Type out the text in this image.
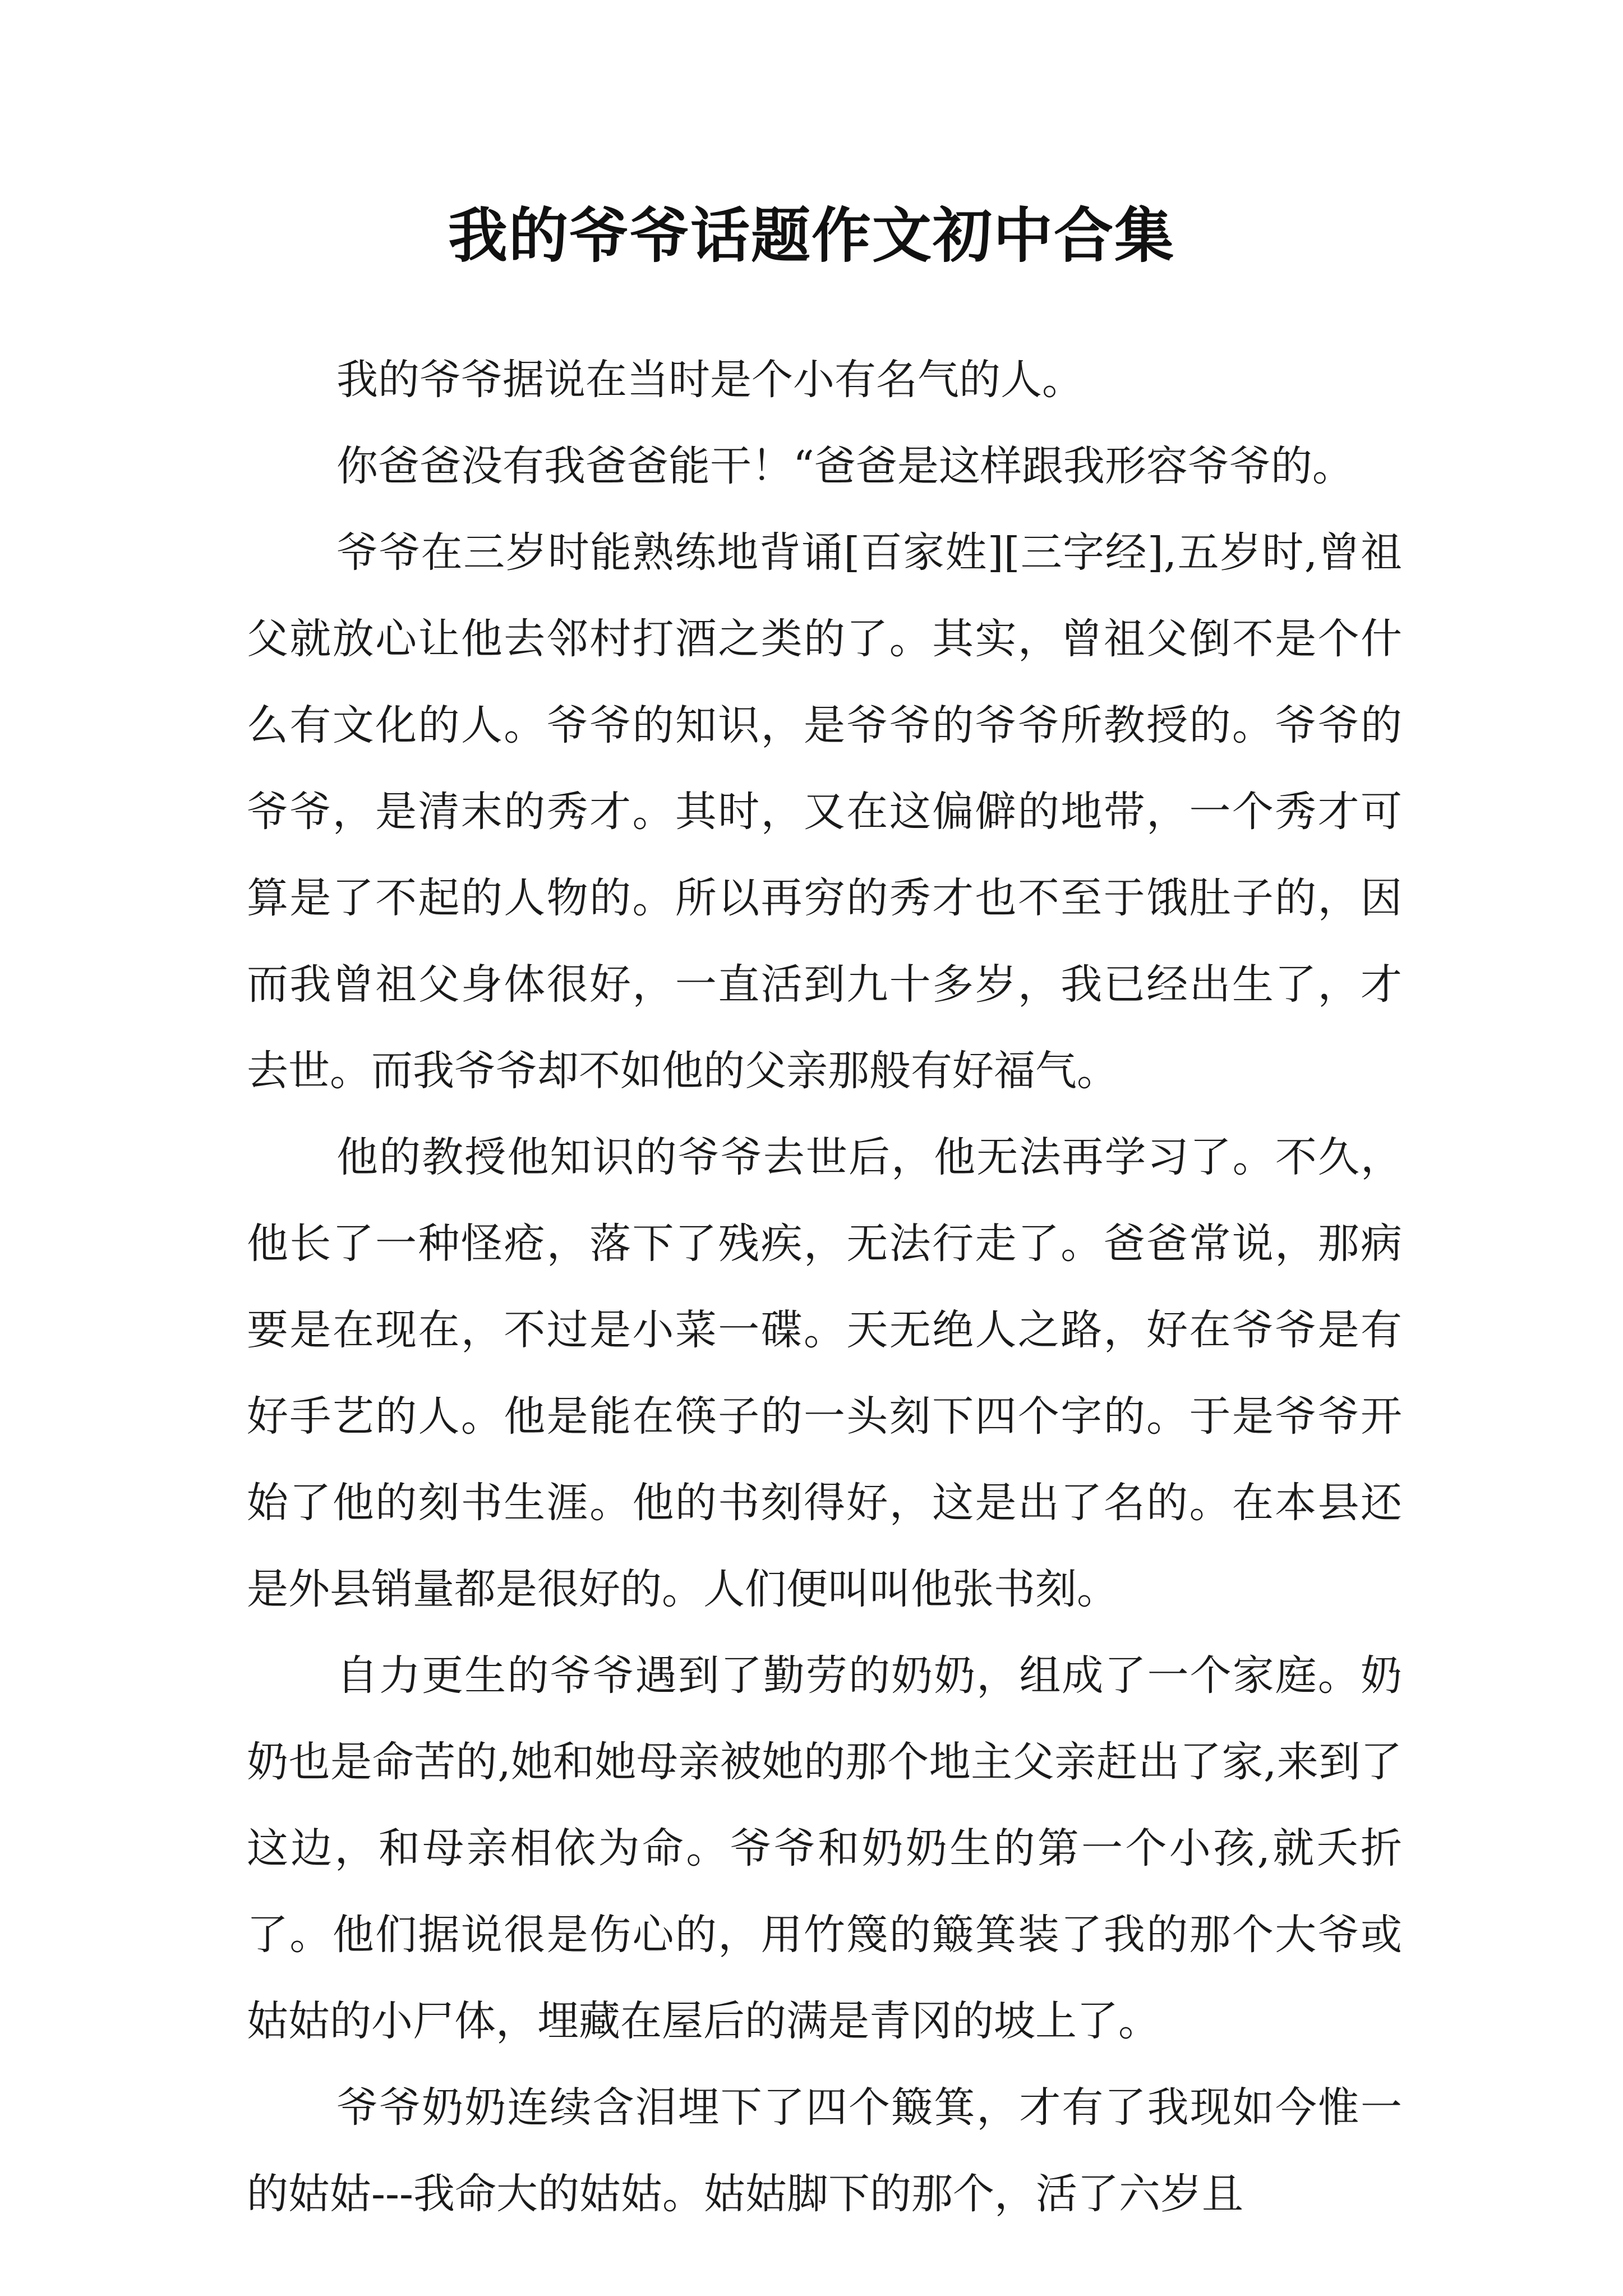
我的爷爷话题作文初中合集

我的爷爷据说在当时是个小有名气的人。

你爸爸没有我爸爸能干！“爸爸是这样跟我形容爷爷的。

爷爷在三岁时能熟练地背诵[百家姓][三字经],五岁时,曾祖父就放心让他去邻村打酒之类的了。其实，曾祖父倒不是个什么有文化的人。爷爷的知识，是爷爷的爷爷所教授的。爷爷的爷爷，是清末的秀才。其时，又在这偏僻的地带，一个秀才可算是了不起的人物的。所以再穷的秀才也不至于饿肚子的，因而我曾祖父身体很好，一直活到九十多岁，我已经出生了，才去世。而我爷爷却不如他的父亲那般有好福气。

他的教授他知识的爷爷去世后，他无法再学习了。不久，他长了一种怪疮，落下了残疾，无法行走了。爸爸常说，那病要是在现在，不过是小菜一碟。天无绝人之路，好在爷爷是有好手艺的人。他是能在筷子的一头刻下四个字的。于是爷爷开始了他的刻书生涯。他的书刻得好，这是出了名的。在本县还是外县销量都是很好的。人们便叫叫他张书刻。

自力更生的爷爷遇到了勤劳的奶奶，组成了一个家庭。奶奶也是命苦的,她和她母亲被她的那个地主父亲赶出了家,来到了这边，和母亲相依为命。爷爷和奶奶生的第一个小孩,就夭折了。他们据说很是伤心的，用竹篾的簸箕装了我的那个大爷或姑姑的小尸体，埋藏在屋后的满是青冈的坡上了。

爷爷奶奶连续含泪埋下了四个簸箕，才有了我现如今惟一的姑姑---我命大的姑姑。姑姑脚下的那个，活了六岁且
